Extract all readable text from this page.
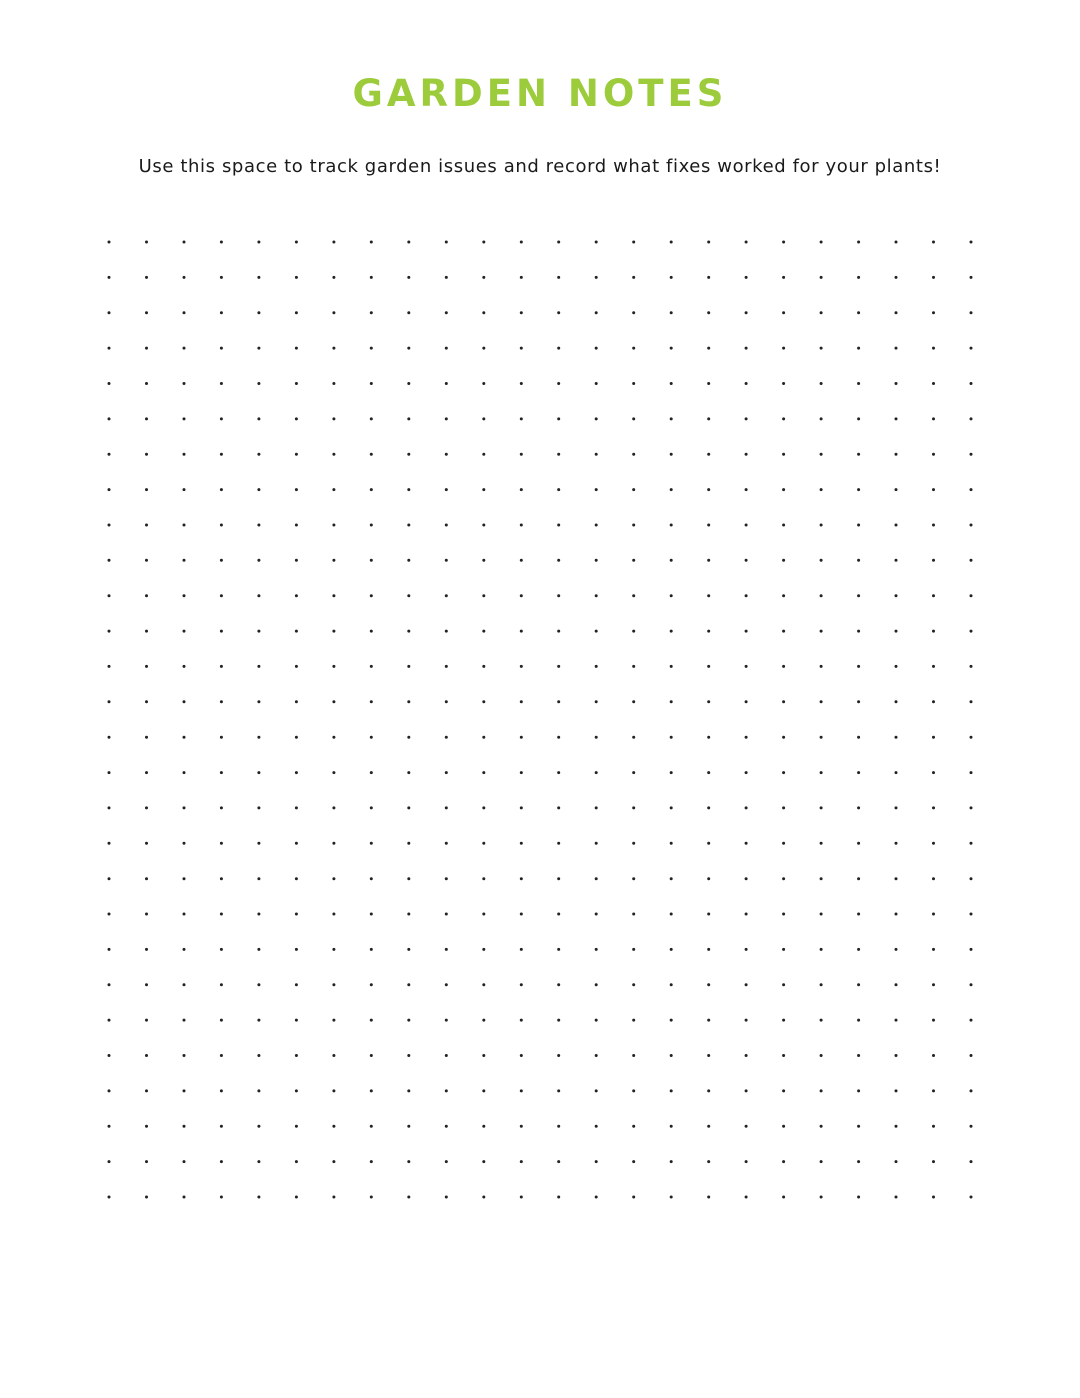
GARDEN NOTES

Use this space to track garden issues and record what fixes worked for your plants!
